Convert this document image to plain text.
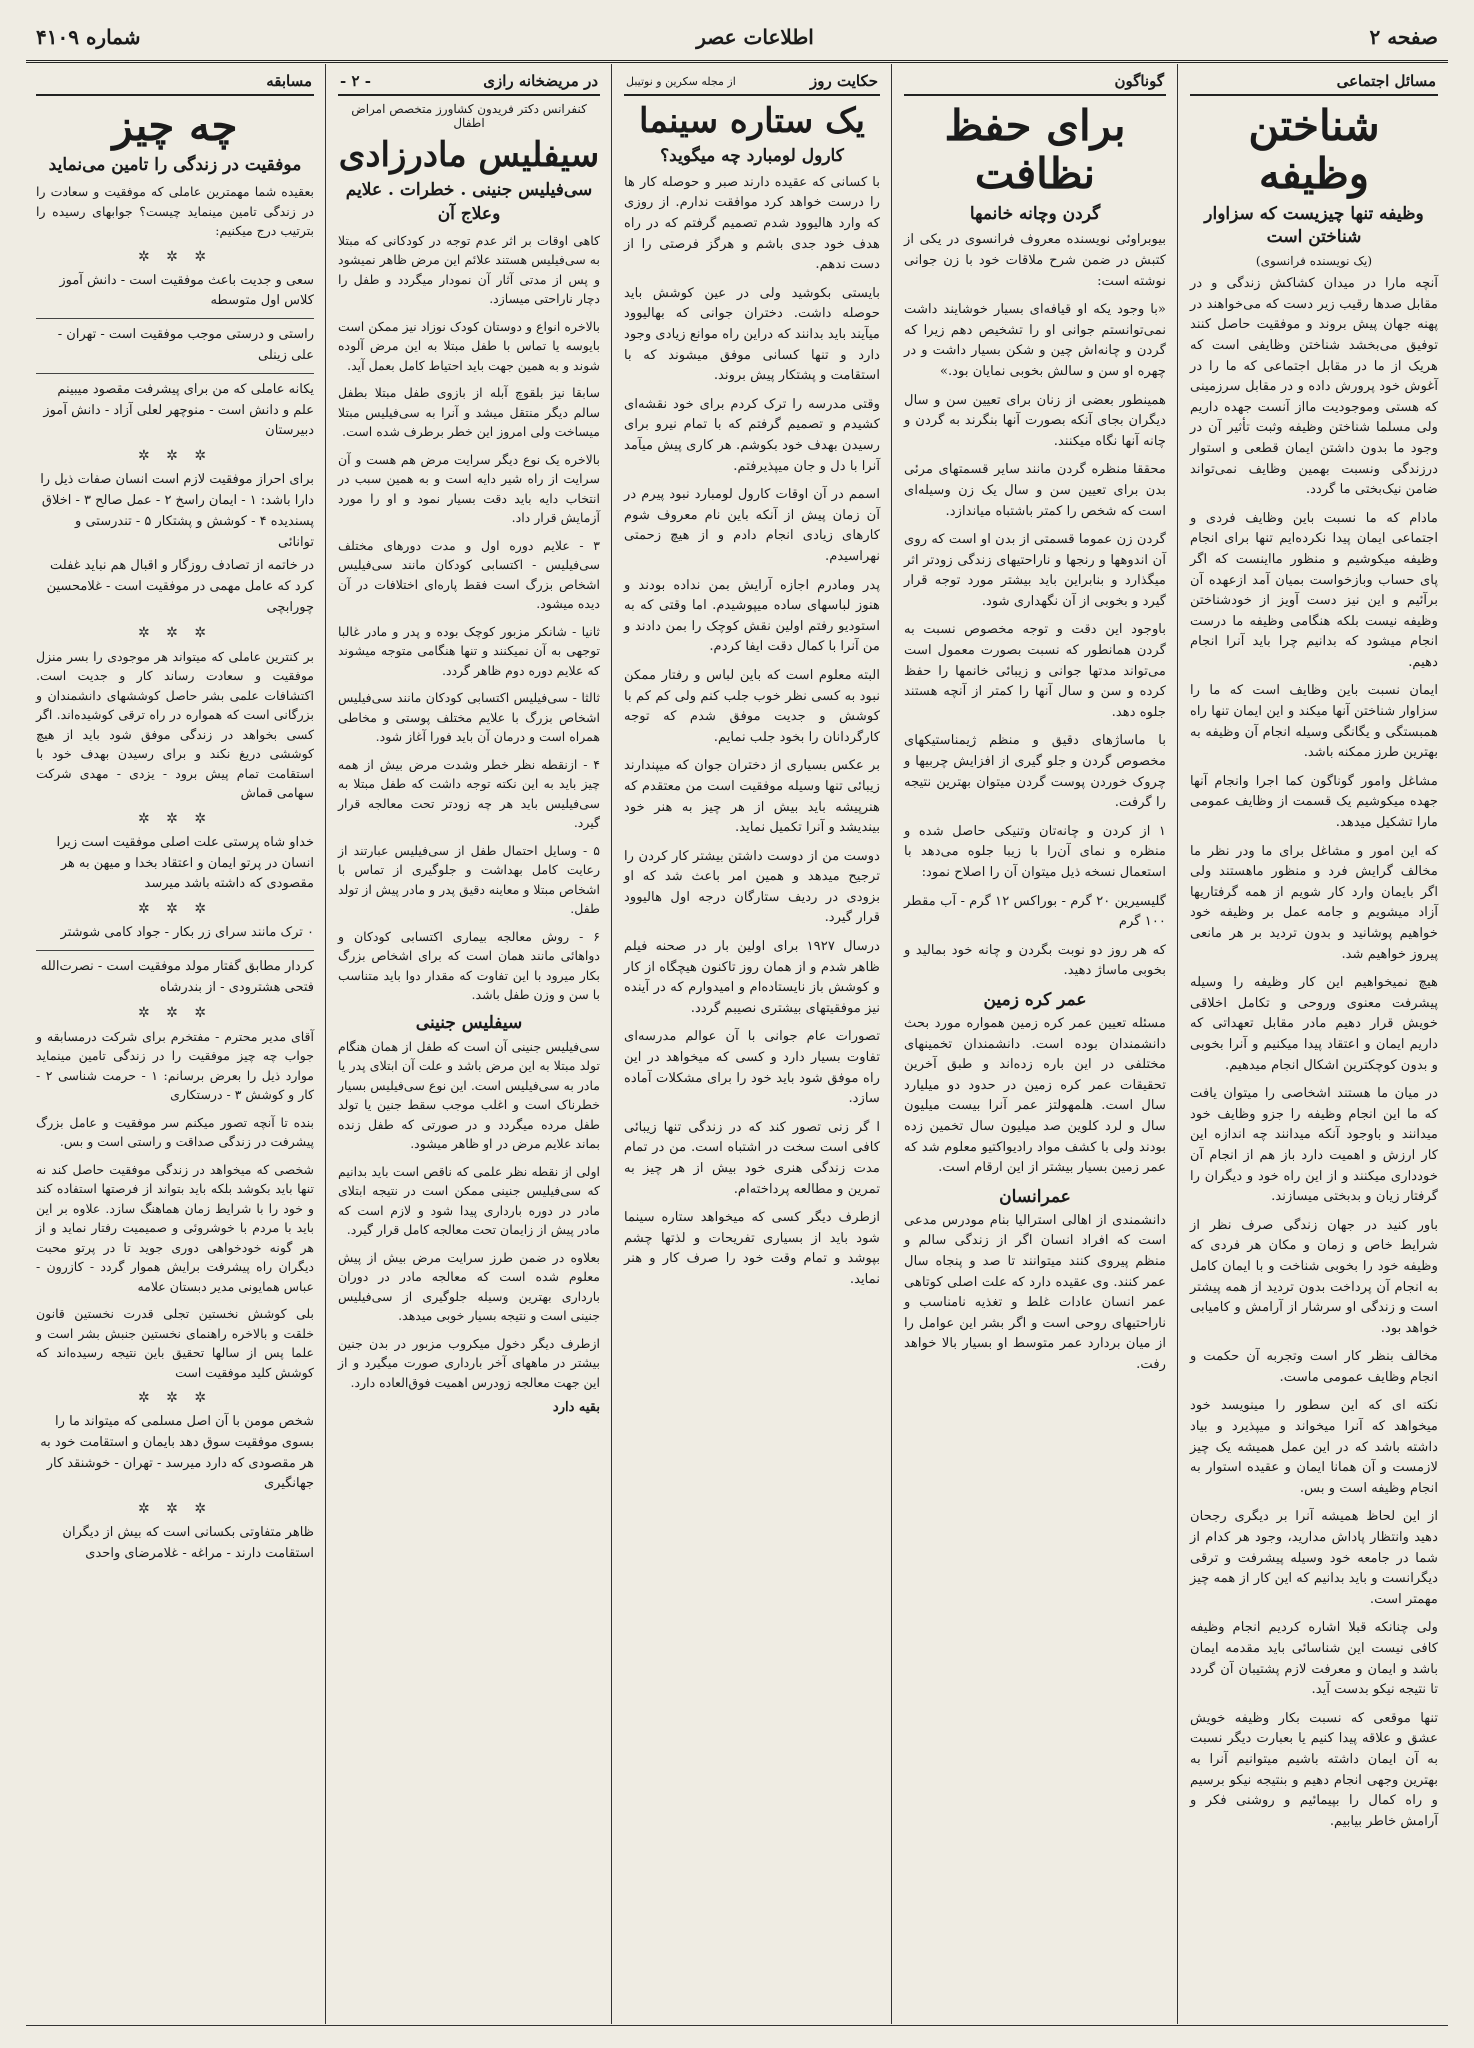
صفحه ۲
اطلاعات عصر
شماره ۴۱۰۹
مسائل اجتماعی
شناختن وظیفه
وظیفه تنها چیزیست که سزاوار شناختن است
(یک نویسنده فرانسوی)

آنچه مارا در میدان کشاکش زندگی و در مقابل صدها رقیب زیر دست که می‌خواهند در پهنه جهان پیش بروند و موفقیت حاصل کنند توفیق می‌بخشد شناختن وظایفی است که هریک از ما در مقابل اجتماعی که ما را در آغوش خود پرورش داده و در مقابل سرزمینی که هستی وموجودیت مااز آنست جهده داریم ولی مسلما شناختن وظیفه وثبت تأثیر آن در وجود ما بدون داشتن ایمان قطعی و استوار درزندگی ونسبت بهمین وظایف نمی‌تواند ضامن نیک‌بختی ما گردد.

مادام که ما نسبت باین وظایف فردی و اجتماعی ایمان پیدا نکرده‌ایم تنها برای انجام وظیفه میکوشیم و منظور مااینست که اگر پای حساب وبازخواست بمیان آمد ازعهده آن برآئیم و این نیز دست آویز از خودشناختن وظیفه نیست بلکه هنگامی وظیفه ما درست انجام میشود که بدانیم چرا باید آنرا انجام دهیم.

ایمان نسبت باین وظایف است که ما را سزاوار شناختن آنها میکند و این ایمان تنها راه همبستگی و یگانگی وسیله انجام آن وظیفه به بهترین طرز ممکنه باشد.

مشاغل وامور گوناگون کما اجرا وانجام آنها جهده میکوشیم یک قسمت از وظایف عمومی مارا تشکیل میدهد.

که این امور و مشاغل برای ما ودر نظر ما مخالف گرایش فرد و منظور ماهستند ولی اگر بایمان وارد کار شویم از همه گرفتاریها آزاد میشویم و جامه عمل بر وظیفه خود خواهیم پوشانید و بدون تردید بر هر مانعی پیروز خواهیم شد.

هیچ نمیخواهیم این کار وظیفه را وسیله پیشرفت معنوی وروحی و تکامل اخلاقی خویش قرار دهیم مادر مقابل تعهداتی که داریم ایمان و اعتقاد پیدا میکنیم و آنرا بخوبی و بدون کوچکترین اشکال انجام میدهیم.

در میان ما هستند اشخاصی را میتوان یافت که ما این انجام وظیفه را جزو وظایف خود میدانند و باوجود آنکه میدانند چه اندازه این کار ارزش و اهمیت دارد باز هم از انجام آن خودداری میکنند و از این راه خود و دیگران را گرفتار زیان و بدبختی میسازند.

باور کنید در جهان زندگی صرف نظر از شرایط خاص و زمان و مکان هر فردی که وظیفه خود را بخوبی شناخت و با ایمان کامل به انجام آن پرداخت بدون تردید از همه پیشتر است و زندگی او سرشار از آرامش و کامیابی خواهد بود.

مخالف بنظر کار است وتجربه آن حکمت و انجام وظایف عمومی ماست.

نکته ای که این سطور را مینویسد خود میخواهد که آنرا میخواند و میپذیرد و بیاد داشته باشد که در این عمل همیشه یک چیز لازمست و آن همانا ایمان و عقیده استوار به انجام وظیفه است و بس.

از این لحاظ همیشه آنرا بر دیگری رجحان دهید وانتظار پاداش مدارید، وجود هر کدام از شما در جامعه خود وسیله پیشرفت و ترقی دیگرانست و باید بدانیم که این کار از همه چیز مهمتر است.

ولی چنانکه قبلا اشاره کردیم انجام وظیفه کافی نیست این شناسائی باید مقدمه ایمان باشد و ایمان و معرفت لازم پشتیبان آن گردد تا نتیجه نیکو بدست آید.

تنها موقعی که نسبت بکار وظیفه خویش عشق و علاقه پیدا کنیم یا بعبارت دیگر نسبت به آن ایمان داشته باشیم میتوانیم آنرا به بهترین وجهی انجام دهیم و بنتیجه نیکو برسیم و راه کمال را بپیمائیم و روشنی فکر و آرامش خاطر بیابیم.

گوناگون
برای حفظ نظافت
گردن وچانه خانمها

بیوبراوئی نویسنده معروف فرانسوی در یکی از کتبش در ضمن شرح ملاقات خود با زن جوانی نوشته است:

«با وجود یکه او قیافه‌ای بسیار خوشایند داشت نمی‌توانستم جوانی او را تشخیص دهم زیرا که گردن و چانه‌اش چین و شکن بسیار داشت و در چهره او سن و سالش بخوبی نمایان بود.»

همینطور بعضی از زنان برای تعیین سن و سال دیگران بجای آنکه بصورت آنها بنگرند به گردن و چانه آنها نگاه میکنند.

محققا منظره گردن مانند سایر قسمتهای مرئی بدن برای تعیین سن و سال یک زن وسیله‌ای است که شخص را کمتر باشتباه میاندازد.

گردن زن عموما قسمتی از بدن او است که روی آن اندوهها و رنجها و ناراحتیهای زندگی زودتر اثر میگذارد و بنابراین باید بیشتر مورد توجه قرار گیرد و بخوبی از آن نگهداری شود.

باوجود این دقت و توجه مخصوص نسبت به گردن همانطور که نسبت بصورت معمول است می‌تواند مدتها جوانی و زیبائی خانمها را حفظ کرده و سن و سال آنها را کمتر از آنچه هستند جلوه دهد.

با ماساژهای دقیق و منظم ژیمناستیکهای مخصوص گردن و جلو گیری از افزایش چربیها و چروک خوردن پوست گردن میتوان بهترین نتیجه را گرفت.

۱ از کردن و چانه‌تان وتنیکی حاصل شده و منظره و نمای آن‌را با زیبا جلوه می‌دهد با استعمال نسخه ذیل میتوان آن را اصلاح نمود:

گلیسیرین ۲۰ گرم - بوراکس ۱۲ گرم - آب مقطر ۱۰۰ گرم

که هر روز دو نوبت بگردن و چانه خود بمالید و بخوبی ماساژ دهید.

عمر کره زمین

مسئله تعیین عمر کره زمین همواره مورد بحث دانشمندان بوده است. دانشمندان تخمینهای مختلفی در این باره زده‌اند و طبق آخرین تحقیقات عمر کره زمین در حدود دو میلیارد سال است. هلمهولتز عمر آنرا بیست میلیون سال و لرد کلوین صد میلیون سال تخمین زده بودند ولی با کشف مواد رادیواکتیو معلوم شد که عمر زمین بسیار بیشتر از این ارقام است.

عمرانسان

دانشمندی از اهالی استرالیا بنام مودرس مدعی است که افراد انسان اگر از زندگی سالم و منظم پیروی کنند میتوانند تا صد و پنجاه سال عمر کنند. وی عقیده دارد که علت اصلی کوتاهی عمر انسان عادات غلط و تغذیه نامناسب و ناراحتیهای روحی است و اگر بشر این عوامل را از میان بردارد عمر متوسط او بسیار بالا خواهد رفت.

حکایت روز
از مجله سکرین و نوتیبل
یک ستاره سینما
کارول لومبارد چه میگوید؟

با کسانی که عقیده دارند صبر و حوصله کار ها را درست خواهد کرد موافقت ندارم. از روزی که وارد هالیوود شدم تصمیم گرفتم که در راه هدف خود جدی باشم و هرگز فرصتی را از دست ندهم.

بایستی بکوشید ولی در عین کوشش باید حوصله داشت. دختران جوانی که بهالیوود میآیند باید بدانند که دراین راه موانع زیادی وجود دارد و تنها کسانی موفق میشوند که با استقامت و پشتکار پیش بروند.

وقتی مدرسه را ترک کردم برای خود نقشه‌ای کشیدم و تصمیم گرفتم که با تمام نیرو برای رسیدن بهدف خود بکوشم. هر کاری پیش میآمد آنرا با دل و جان میپذیرفتم.

اسمم در آن اوقات کارول لومبارد نبود پیرم در آن زمان پیش از آنکه باین نام معروف شوم کارهای زیادی انجام دادم و از هیچ زحمتی نهراسیدم.

پدر ومادرم اجازه آرایش بمن نداده بودند و هنوز لباسهای ساده میپوشیدم. اما وقتی که به استودیو رفتم اولین نقش کوچک را بمن دادند و من آنرا با کمال دقت ایفا کردم.

البته معلوم است که باین لباس و رفتار ممکن نبود به کسی نظر خوب جلب کنم ولی کم کم با کوشش و جدیت موفق شدم که توجه کارگردانان را بخود جلب نمایم.

بر عکس بسیاری از دختران جوان که میپندارند زیبائی تنها وسیله موفقیت است من معتقدم که هنرپیشه باید بیش از هر چیز به هنر خود بیندیشد و آنرا تکمیل نماید.

دوست من از دوست داشتن بیشتر کار کردن را ترجیح میدهد و همین امر باعث شد که او بزودی در ردیف ستارگان درجه اول هالیوود قرار گیرد.

درسال ۱۹۲۷ برای اولین بار در صحنه فیلم ظاهر شدم و از همان روز تاکنون هیچگاه از کار و کوشش باز نایستاده‌ام و امیدوارم که در آینده نیز موفقیتهای بیشتری نصیبم گردد.

تصورات عام جوانی با آن عوالم مدرسه‌ای تفاوت بسیار دارد و کسی که میخواهد در این راه موفق شود باید خود را برای مشکلات آماده سازد.

ا گر زنی تصور کند که در زندگی تنها زیبائی کافی است سخت در اشتباه است. من در تمام مدت زندگی هنری خود بیش از هر چیز به تمرین و مطالعه پرداخته‌ام.

ازطرف دیگر کسی که میخواهد ستاره سینما شود باید از بسیاری تفریحات و لذتها چشم بپوشد و تمام وقت خود را صرف کار و هنر نماید.

در مریضخانه رازی
- ۲ -
کنفرانس دکتر فریدون کشاورز متخصص امراض اطفال
سیفلیس مادرزادی
سی‌فیلیس جنینی . خطرات . علایم وعلاج آن

کاهی اوقات بر اثر عدم توجه در کودکانی که مبتلا به سی‌فیلیس هستند علائم این مرض ظاهر نمیشود و پس از مدتی آثار آن نمودار میگردد و طفل را دچار ناراحتی میسازد.

بالاخره انواع و دوستان کودک نوزاد نیز ممکن است بایوسه یا تماس با طفل مبتلا به این مرض آلوده شوند و به همین جهت باید احتیاط کامل بعمل آید.

سابقا نیز بلقوچ آبله از بازوی طفل مبتلا بطفل سالم دیگر منتقل میشد و آنرا به سی‌فیلیس مبتلا میساخت ولی امروز این خطر برطرف شده است.

بالاخره یک نوع دیگر سرایت مرض هم هست و آن سرایت از راه شیر دایه است و به همین سبب در انتخاب دایه باید دقت بسیار نمود و او را مورد آزمایش قرار داد.

۳ - علایم دوره اول و مدت دورهای مختلف سی‌فیلیس - اکتسابی کودکان مانند سی‌فیلیس اشخاص بزرگ است فقط پاره‌ای اختلافات در آن دیده میشود.

ثانیا - شانکر مزبور کوچک بوده و پدر و مادر غالبا توجهی به آن نمیکنند و تنها هنگامی متوجه میشوند که علایم دوره دوم ظاهر گردد.

ثالثا - سی‌فیلیس اکتسابی کودکان مانند سی‌فیلیس اشخاص بزرگ با علایم مختلف پوستی و مخاطی همراه است و درمان آن باید فورا آغاز شود.

۴ - ازنقطه نظر خطر وشدت مرض بیش از همه چیز باید به این نکته توجه داشت که طفل مبتلا به سی‌فیلیس باید هر چه زودتر تحت معالجه قرار گیرد.

۵ - وسایل احتمال طفل از سی‌فیلیس عبارتند از رعایت کامل بهداشت و جلوگیری از تماس با اشخاص مبتلا و معاینه دقیق پدر و مادر پیش از تولد طفل.

۶ - روش معالجه بیماری اکتسابی کودکان و دواهائی مانند همان است که برای اشخاص بزرگ بکار میرود با این تفاوت که مقدار دوا باید متناسب با سن و وزن طفل باشد.

سیفلیس جنینی

سی‌فیلیس جنینی آن است که طفل از همان هنگام تولد مبتلا به این مرض باشد و علت آن ابتلای پدر یا مادر به سی‌فیلیس است. این نوع سی‌فیلیس بسیار خطرناک است و اغلب موجب سقط جنین یا تولد طفل مرده میگردد و در صورتی که طفل زنده بماند علایم مرض در او ظاهر میشود.

اولی از نقطه نظر علمی که ناقص است باید بدانیم که سی‌فیلیس جنینی ممکن است در نتیجه ابتلای مادر در دوره بارداری پیدا شود و لازم است که مادر پیش از زایمان تحت معالجه کامل قرار گیرد.

بعلاوه در ضمن طرز سرایت مرض بیش از پیش معلوم شده است که معالجه مادر در دوران بارداری بهترین وسیله جلوگیری از سی‌فیلیس جنینی است و نتیجه بسیار خوبی میدهد.

ازطرف دیگر دخول میکروب مزبور در بدن جنین بیشتر در ماههای آخر بارداری صورت میگیرد و از این جهت معالجه زودرس اهمیت فوق‌العاده دارد.

بقیه دارد
مسابقه
چه چیز
موفقیت در زندگی را تامین می‌نماید

بعقیده شما مهمترین عاملی که موفقیت و سعادت را در زندگی تامین مینماید چیست؟ جوابهای رسیده را بترتیب درج میکنیم:

✲ ✲ ✲

سعی و جدیت باعث موفقیت است - دانش آموز کلاس اول متوسطه

راستی و درستی موجب موفقیت است - تهران - علی زینلی

یکانه عاملی که من برای پیشرفت مقصود میبینم علم و دانش است - منوچهر لعلی آزاد - دانش آموز دبیرستان

✲ ✲ ✲

برای احراز موفقیت لازم است انسان صفات ذیل را دارا باشد: ۱ - ایمان راسخ ۲ - عمل صالح ۳ - اخلاق پسندیده ۴ - کوشش و پشتکار ۵ - تندرستی و توانائی

در خاتمه از تصادف روزگار و اقبال هم نباید غفلت کرد که عامل مهمی در موفقیت است - غلامحسین چورابچی

✲ ✲ ✲

بر کنترین عاملی که میتواند هر موجودی را بسر منزل موفقیت و سعادت رساند کار و جدیت است. اکتشافات علمی بشر حاصل کوششهای دانشمندان و بزرگانی است که همواره در راه ترقی کوشیده‌اند. اگر کسی بخواهد در زندگی موفق شود باید از هیچ کوششی دریغ نکند و برای رسیدن بهدف خود با استقامت تمام پیش برود - یزدی - مهدی شرکت سهامی قماش

✲ ✲ ✲

خداو شاه پرستی علت اصلی موفقیت است زیرا انسان در پرتو ایمان و اعتقاد بخدا و میهن به هر مقصودی که داشته باشد میرسد

✲ ✲ ✲

۰ ترک مانند سرای زر بکار - جواد کامی شوشتر

کردار مطابق گفتار مولد موفقیت است - نصرت‌الله فتحی هشترودی - از بندرشاه

✲ ✲ ✲

آقای مدیر محترم - مفتخرم برای شرکت درمسابقه و جواب چه چیز موفقیت را در زندگی تامین مینماید موارد ذیل را بعرض برسانم: ۱ - حرمت شناسی ۲ - کار و کوشش ۳ - درستکاری

بنده تا آنچه تصور میکنم سر موفقیت و عامل بزرگ پیشرفت در زندگی صداقت و راستی است و بس.

شخصی که میخواهد در زندگی موفقیت حاصل کند نه تنها باید بکوشد بلکه باید بتواند از فرصتها استفاده کند و خود را با شرایط زمان هماهنگ سازد. علاوه بر این باید با مردم با خوشروئی و صمیمیت رفتار نماید و از هر گونه خودخواهی دوری جوید تا در پرتو محبت دیگران راه پیشرفت برایش هموار گردد - کازرون - عباس همایونی مدیر دبستان علامه

بلی کوشش نخستین تجلی قدرت نخستین قانون خلقت و بالاخره راهنمای نخستین جنبش بشر است و علما پس از سالها تحقیق باین نتیجه رسیده‌اند که کوشش کلید موفقیت است

✲ ✲ ✲

شخص مومن با آن اصل مسلمی که میتواند ما را بسوی موفقیت سوق دهد بایمان و استقامت خود به هر مقصودی که دارد میرسد - تهران - خوشنقد کار جهانگیری

✲ ✲ ✲

ظاهر متفاوتی بکسانی است که بیش از دیگران استقامت دارند - مراغه - غلامرضای واحدی
